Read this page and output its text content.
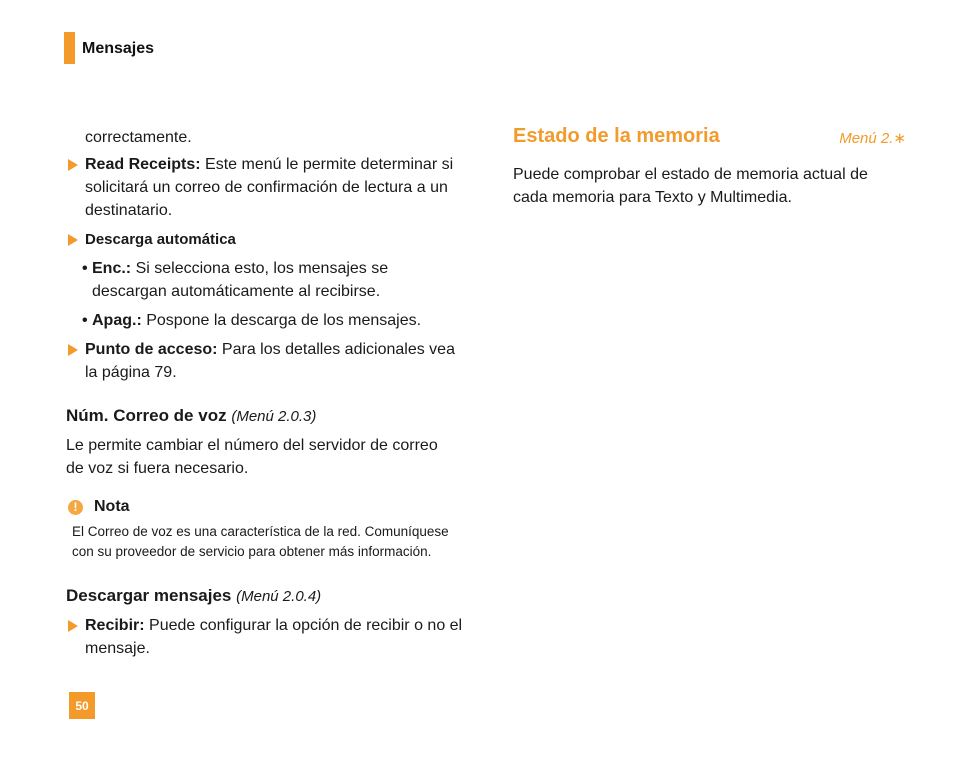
Mensajes

correctamente.

Read Receipts: Este menú le permite determinar si solicitará un correo de confirmación de lectura a un destinatario.
Descarga automática
• Enc.: Si selecciona esto, los mensajes se descargan automáticamente al recibirse.
• Apag.: Pospone la descarga de los mensajes.
Punto de acceso: Para los detalles adicionales vea la página 79.
Núm. Correo de voz (Menú 2.0.3)

Le permite cambiar el número del servidor de correo de voz si fuera necesario.

!	Nota
El Correo de voz es una característica de la red. Comuníquese con su proveedor de servicio para obtener más información.
Descargar mensajes (Menú 2.0.4)
Recibir: Puede configurar la opción de recibir o no el mensaje.
Estado de la memoria	Menú 2.∗
Puede comprobar el estado de memoria actual de cada memoria para Texto y Multimedia.
50
